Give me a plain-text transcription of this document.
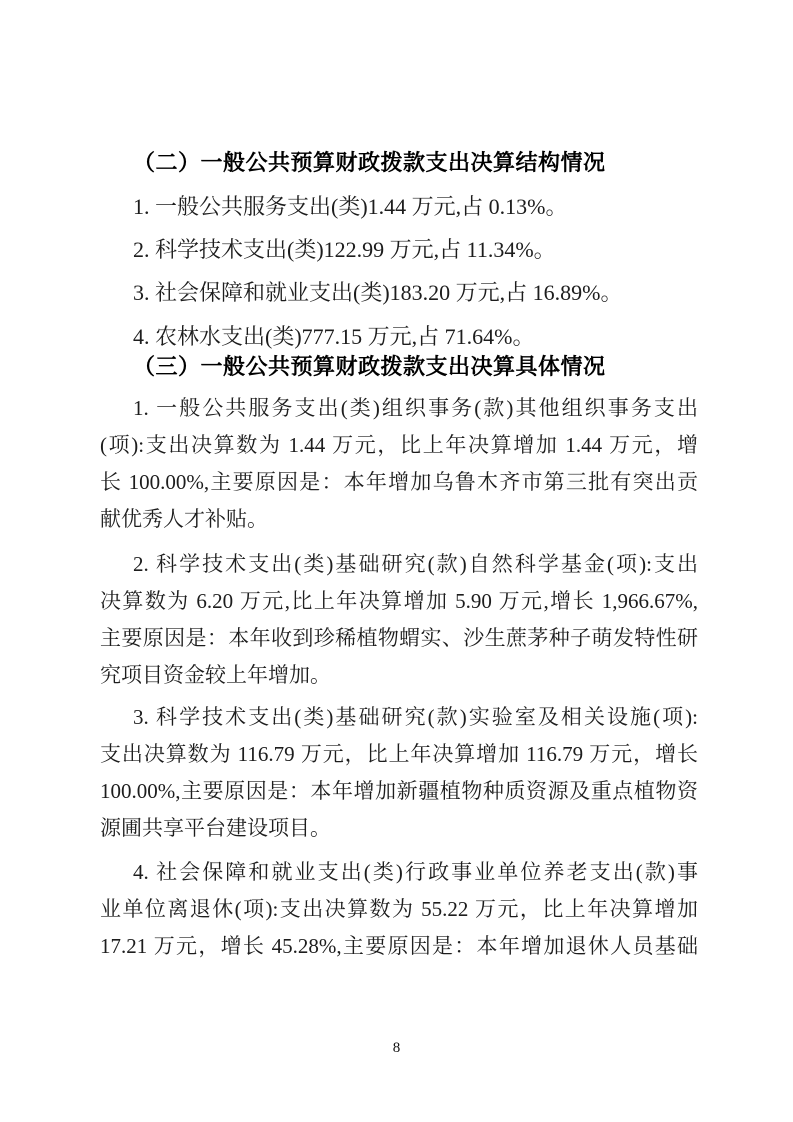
（二）一般公共预算财政拨款支出决算结构情况
1. 一般公共服务支出(类)1.44 万元,占 0.13%。
2. 科学技术支出(类)122.99 万元,占 11.34%。
3. 社会保障和就业支出(类)183.20 万元,占 16.89%。
4. 农林水支出(类)777.15 万元,占 71.64%。
（三）一般公共预算财政拨款支出决算具体情况
1. 一般公共服务支出(类)组织事务(款)其他组织事务支出
(项):支出决算数为 1.44 万元，比上年决算增加 1.44 万元，增
长 100.00%,主要原因是：本年增加乌鲁木齐市第三批有突出贡
献优秀人才补贴。
2. 科学技术支出(类)基础研究(款)自然科学基金(项):支出
决算数为 6.20 万元,比上年决算增加 5.90 万元,增长 1,966.67%,
主要原因是：本年收到珍稀植物蝟实、沙生蔗茅种子萌发特性研
究项目资金较上年增加。
3. 科学技术支出(类)基础研究(款)实验室及相关设施(项):
支出决算数为 116.79 万元，比上年决算增加 116.79 万元，增长
100.00%,主要原因是：本年增加新疆植物种质资源及重点植物资
源圃共享平台建设项目。
4. 社会保障和就业支出(类)行政事业单位养老支出(款)事
业单位离退休(项):支出决算数为 55.22 万元，比上年决算增加
17.21 万元，增长 45.28%,主要原因是：本年增加退休人员基础
8
